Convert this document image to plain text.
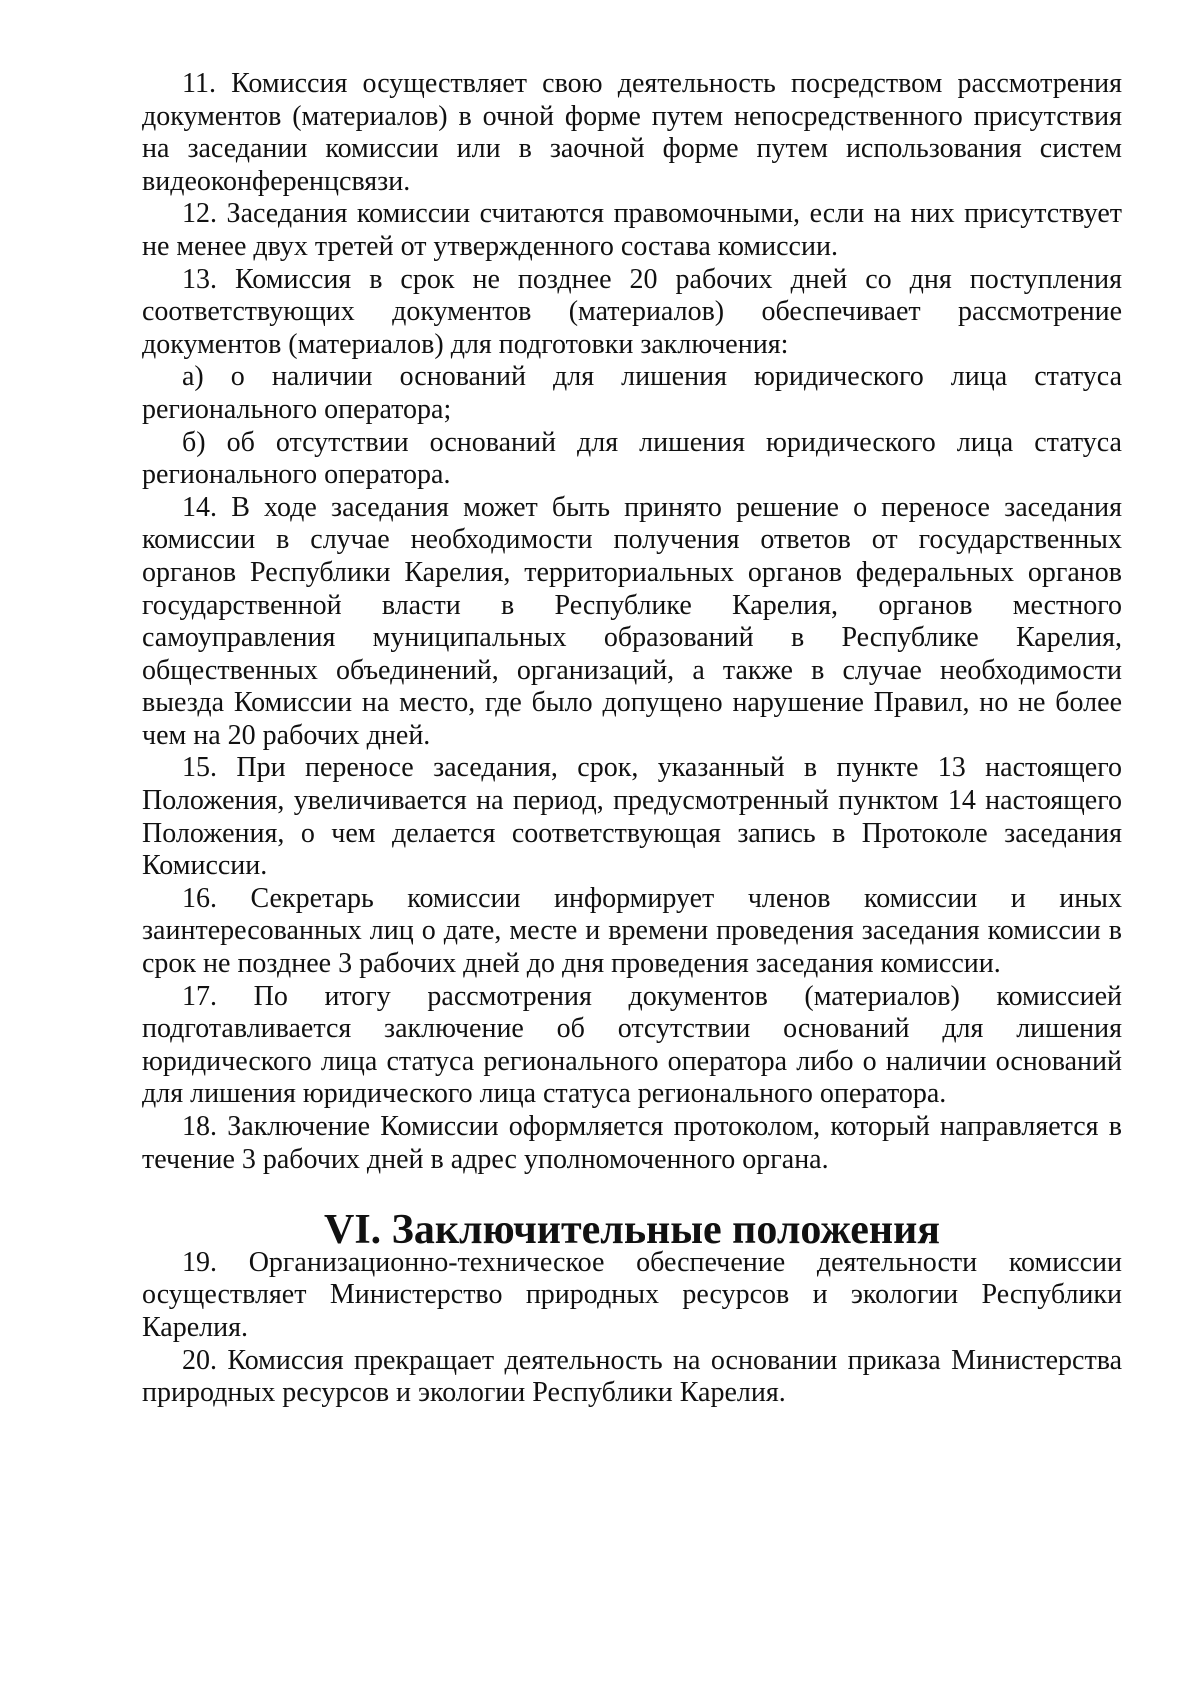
11. Комиссия осуществляет свою деятельность посредством рассмотрения документов (материалов) в очной форме путем непосредственного присутствия на заседании комиссии или в заочной форме путем использования систем видеоконференцсвязи.

12. Заседания комиссии считаются правомочными, если на них присутствует не менее двух третей от утвержденного состава комиссии.

13. Комиссия в срок не позднее 20 рабочих дней со дня поступления соответствующих документов (материалов) обеспечивает рассмотрение документов (материалов) для подготовки заключения:

а) о наличии оснований для лишения юридического лица статуса регионального оператора;

б) об отсутствии оснований для лишения юридического лица статуса регионального оператора.

14. В ходе заседания может быть принято решение о переносе заседания комиссии в случае необходимости получения ответов от государственных органов Республики Карелия, территориальных органов федеральных органов государственной власти в Республике Карелия, органов местного самоуправления муниципальных образований в Республике Карелия, общественных объединений, организаций, а также в случае необходимости выезда Комиссии на место, где было допущено нарушение Правил, но не более чем на 20 рабочих дней.

15. При переносе заседания, срок, указанный в пункте 13 настоящего Положения, увеличивается на период, предусмотренный пунктом 14 настоящего Положения, о чем делается соответствующая запись в Протоколе заседания Комиссии.

16. Секретарь комиссии информирует членов комиссии и иных заинтересованных лиц о дате, месте и времени проведения заседания комиссии в срок не позднее 3 рабочих дней до дня проведения заседания комиссии.

17. По итогу рассмотрения документов (материалов) комиссией подготавливается заключение об отсутствии оснований для лишения юридического лица статуса регионального оператора либо о наличии оснований для лишения юридического лица статуса регионального оператора.

18. Заключение Комиссии оформляется протоколом, который направляется в течение 3 рабочих дней в адрес уполномоченного органа.

VI. Заключительные положения

19. Организационно-техническое обеспечение деятельности комиссии осуществляет Министерство природных ресурсов и экологии Республики Карелия.

20. Комиссия прекращает деятельность на основании приказа Министерства природных ресурсов и экологии Республики Карелия.
